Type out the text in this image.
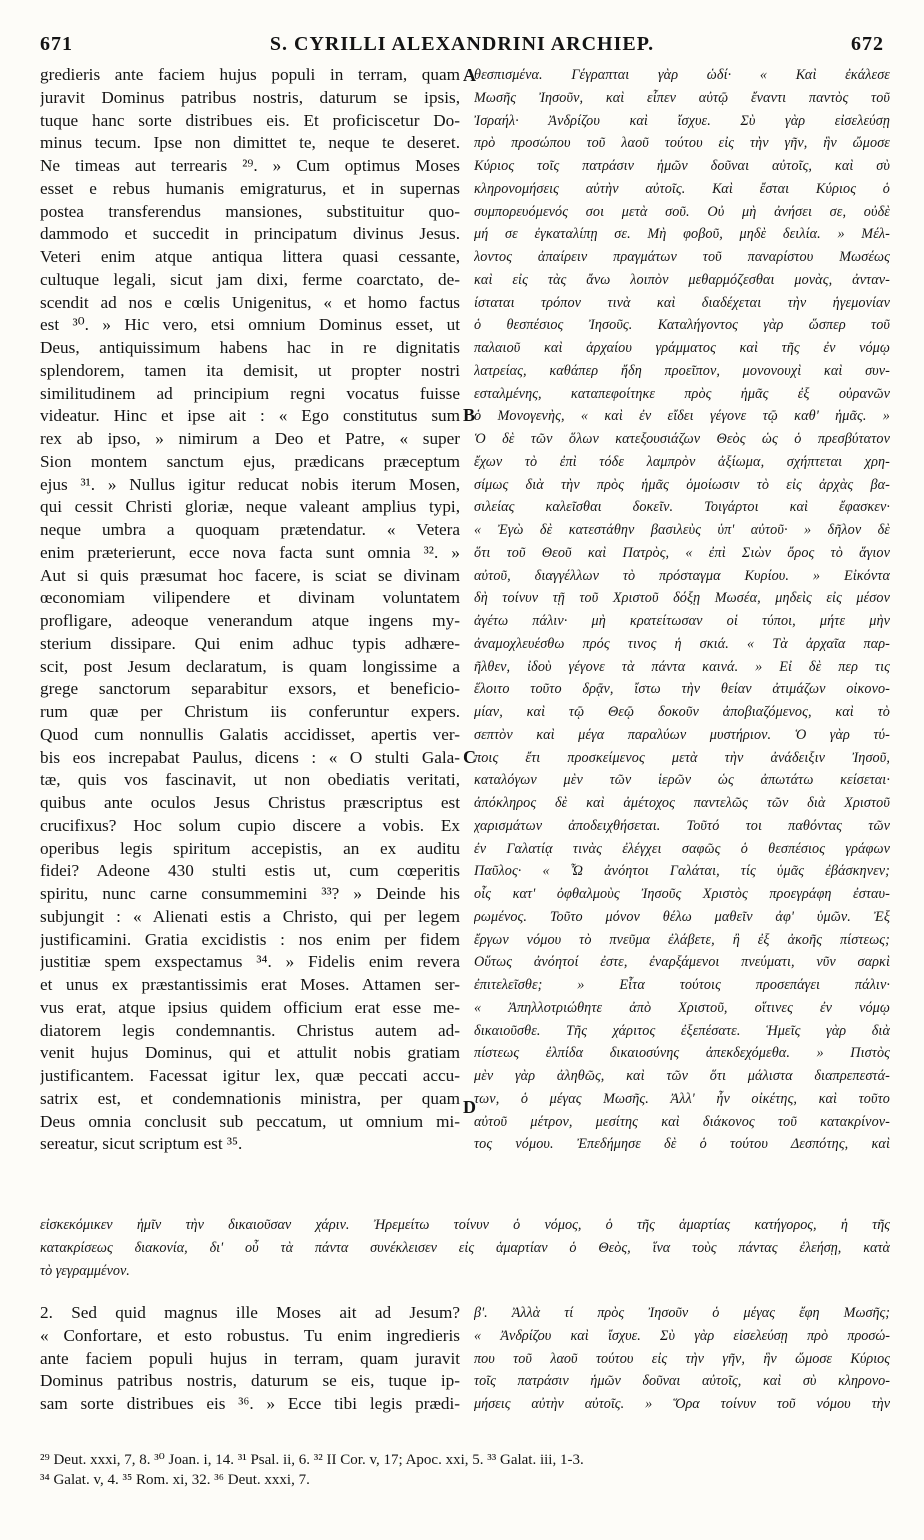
671	S. CYRILLI ALEXANDRINI ARCHIEP.	672
gredieris ante faciem hujus populi in terram, quam
juravit Dominus patribus nostris, daturum se ipsis,
tuque hanc sorte distribues eis. Et proficiscetur Do-
minus tecum. Ipse non dimittet te, neque te deseret.
Ne timeas aut terrearis ²⁹. » Cum optimus Moses
esset e rebus humanis emigraturus, et in supernas
postea transferendus mansiones, substituitur quo-
dammodo et succedit in principatum divinus Jesus.
Veteri enim atque antiqua littera quasi cessante,
cultuque legali, sicut jam dixi, ferme coarctato, de-
scendit ad nos e cœlis Unigenitus, « et homo factus
est ³⁰. » Hic vero, etsi omnium Dominus esset, ut
Deus, antiquissimum habens hac in re dignitatis
splendorem, tamen ita demisit, ut propter nostri
similitudinem ad principium regni vocatus fuisse
videatur. Hinc et ipse ait : « Ego constitutus sum
rex ab ipso, » nimirum a Deo et Patre, « super
Sion montem sanctum ejus, prædicans præceptum
ejus ³¹. » Nullus igitur reducat nobis iterum Mosen,
qui cessit Christi gloriæ, neque valeant amplius typi,
neque umbra a quoquam prætendatur. « Vetera
enim præterierunt, ecce nova facta sunt omnia ³². »
Aut si quis præsumat hoc facere, is sciat se divinam
œconomiam vilipendere et divinam voluntatem
profligare, adeoque venerandum atque ingens my-
sterium dissipare. Qui enim adhuc typis adhære-
scit, post Jesum declaratum, is quam longissime a
grege sanctorum separabitur exsors, et beneficio-
rum quæ per Christum iis conferuntur expers.
Quod cum nonnullis Galatis accidisset, apertis ver-
bis eos increpabat Paulus, dicens : « O stulti Gala-
tæ, quis vos fascinavit, ut non obediatis veritati,
quibus ante oculos Jesus Christus præscriptus est
crucifixus? Hoc solum cupio discere a vobis. Ex
operibus legis spiritum accepistis, an ex auditu
fidei? Adeone 430 stulti estis ut, cum cœperitis
spiritu, nunc carne consummemini ³³? » Deinde his
subjungit : « Alienati estis a Christo, qui per legem
justificamini. Gratia excidistis : nos enim per fidem
justitiæ spem exspectamus ³⁴. » Fidelis enim revera
et unus ex præstantissimis erat Moses. Attamen ser-
vus erat, atque ipsius quidem officium erat esse me-
diatorem legis condemnantis. Christus autem ad-
venit hujus Dominus, qui et attulit nobis gratiam
justificantem. Facessat igitur lex, quæ peccati accu-
satrix est, et condemnationis ministra, per quam
Deus omnia conclusit sub peccatum, ut omnium mi-
sereatur, sicut scriptum est ³⁵.
θεσπισμένα. Γέγραπται γὰρ ὡδί· « Καὶ ἐκάλεσε
Μωσῆς Ἰησοῦν, καὶ εἶπεν αὐτῷ ἔναντι παντὸς τοῦ
Ἰσραήλ· Ἀνδρίζου καὶ ἴσχυε. Σὺ γὰρ εἰσελεύσῃ
πρὸ προσώπου τοῦ λαοῦ τούτου εἰς τὴν γῆν, ἣν ὤμοσε
Κύριος τοῖς πατράσιν ἡμῶν δοῦναι αὐτοῖς, καὶ σὺ
κληρονομήσεις αὐτὴν αὐτοῖς. Καὶ ἔσται Κύριος ὁ
συμπορευόμενός σοι μετὰ σοῦ. Οὐ μὴ ἀνήσει σε, οὐδὲ
μή σε ἐγκαταλίπῃ σε. Μὴ φοβοῦ, μηδὲ δειλία. » Μέλ-
λοντος ἀπαίρειν πραγμάτων τοῦ παναρίστου Μωσέως
καὶ εἰς τὰς ἄνω λοιπὸν μεθαρμόζεσθαι μονὰς, ἀνταν-
ίσταται τρόπον τινὰ καὶ διαδέχεται τὴν ἡγεμονίαν
ὁ θεσπέσιος Ἰησοῦς. Καταλήγοντος γὰρ ὥσπερ τοῦ
παλαιοῦ καὶ ἀρχαίου γράμματος καὶ τῆς ἐν νόμῳ
λατρείας, καθάπερ ἤδη προεῖπον, μονονουχὶ καὶ συν-
εσταλμένης, καταπεφοίτηκε πρὸς ἡμᾶς ἐξ οὐρανῶν
ὁ Μονογενὴς, « καὶ ἐν εἴδει γέγονε τῷ καθ' ἡμᾶς. »
Ὁ δὲ τῶν ὅλων κατεξουσιάζων Θεὸς ὡς ὁ πρεσβύτατον
ἔχων τὸ ἐπὶ τόδε λαμπρὸν ἀξίωμα, σχήπτεται χρη-
σίμως διὰ τὴν πρὸς ἡμᾶς ὁμοίωσιν τὸ εἰς ἀρχὰς βα-
σιλείας καλεῖσθαι δοκεῖν. Τοιγάρτοι καὶ ἔφασκεν·
« Ἐγὼ δὲ κατεστάθην βασιλεὺς ὑπ' αὐτοῦ· » δῆλον δὲ
ὅτι τοῦ Θεοῦ καὶ Πατρὸς, « ἐπὶ Σιὼν ὄρος τὸ ἅγιον
αὐτοῦ, διαγγέλλων τὸ πρόσταγμα Κυρίου. » Εἰκόντα
δὴ τοίνυν τῇ τοῦ Χριστοῦ δόξῃ Μωσέα, μηδεὶς εἰς μέσον
ἀγέτω πάλιν· μὴ κρατείτωσαν οἱ τύποι, μήτε μὴν
ἀναμοχλευέσθω πρός τινος ἡ σκιά. « Τὰ ἀρχαῖα παρ-
ῆλθεν, ἰδοὺ γέγονε τὰ πάντα καινά. » Εἰ δὲ περ τις
ἕλοιτο τοῦτο δρᾷν, ἴστω τὴν θείαν ἀτιμάζων οἰκονο-
μίαν, καὶ τῷ Θεῷ δοκοῦν ἀποβιαζόμενος, καὶ τὸ
σεπτὸν καὶ μέγα παραλύων μυστήριον. Ὁ γὰρ τύ-
ποις ἔτι προσκείμενος μετὰ τὴν ἀνάδειξιν Ἰησοῦ,
καταλόγων μὲν τῶν ἱερῶν ὡς ἀπωτάτω κείσεται·
ἀπόκληρος δὲ καὶ ἀμέτοχος παντελῶς τῶν διὰ Χριστοῦ
χαρισμάτων ἀποδειχθήσεται. Τοῦτό τοι παθόντας τῶν
ἐν Γαλατίᾳ τινὰς ἐλέγχει σαφῶς ὁ θεσπέσιος γράφων
Παῦλος· « Ὦ ἀνόητοι Γαλάται, τίς ὑμᾶς ἐβάσκηνεν;
οἷς κατ' ὀφθαλμοὺς Ἰησοῦς Χριστὸς προεγράφη ἐσταυ-
ρωμένος. Τοῦτο μόνον θέλω μαθεῖν ἀφ' ὑμῶν. Ἐξ
ἔργων νόμου τὸ πνεῦμα ἐλάβετε, ἢ ἐξ ἀκοῆς πίστεως;
Οὕτως ἀνόητοί ἐστε, ἐναρξάμενοι πνεύματι, νῦν σαρκὶ
ἐπιτελεῖσθε; » Εἶτα τούτοις προσεπάγει πάλιν·
« Ἀπηλλοτριώθητε ἀπὸ Χριστοῦ, οἵτινες ἐν νόμῳ
δικαιοῦσθε. Τῆς χάριτος ἐξεπέσατε. Ἡμεῖς γὰρ διὰ
πίστεως ἐλπίδα δικαιοσύνης ἀπεκδεχόμεθα. » Πιστὸς
μὲν γὰρ ἀληθῶς, καὶ τῶν ὅτι μάλιστα διαπρεπεστά-
των, ὁ μέγας Μωσῆς. Ἀλλ' ἦν οἰκέτης, καὶ τοῦτο
αὐτοῦ μέτρον, μεσίτης καὶ διάκονος τοῦ κατακρίνον-
τος νόμου. Ἐπεδήμησε δὲ ὁ τούτου Δεσπότης, καὶ
εἰσκεκόμικεν ἡμῖν τὴν δικαιοῦσαν χάριν. Ἠρεμείτω τοίνυν ὁ νόμος, ὁ τῆς ἁμαρτίας κατήγορος, ἡ τῆς
κατακρίσεως διακονία, δι' οὗ τὰ πάντα συνέκλεισεν εἰς ἁμαρτίαν ὁ Θεὸς, ἵνα τοὺς πάντας ἐλεήσῃ, κατὰ
τὸ γεγραμμένον.
2. Sed quid magnus ille Moses ait ad Jesum?
« Confortare, et esto robustus. Tu enim ingredieris
ante faciem populi hujus in terram, quam juravit
Dominus patribus nostris, daturum se eis, tuque ip-
sam sorte distribues eis ³⁶. » Ecce tibi legis prædi-
β'. Ἀλλὰ τί πρὸς Ἰησοῦν ὁ μέγας ἔφη Μωσῆς;
« Ἀνδρίζου καὶ ἴσχυε. Σὺ γὰρ εἰσελεύσῃ πρὸ προσώ-
που τοῦ λαοῦ τούτου εἰς τὴν γῆν, ἣν ὤμοσε Κύριος
τοῖς πατράσιν ἡμῶν δοῦναι αὐτοῖς, καὶ σὺ κληρονο-
μήσεις αὐτὴν αὐτοῖς. » Ὅρα τοίνυν τοῦ νόμου τὴν
A
B
C
D
²⁹ Deut. xxxi, 7, 8. ³⁰ Joan. i, 14. ³¹ Psal. ii, 6. ³² II Cor. v, 17; Apoc. xxi, 5. ³³ Galat. iii, 1-3.
³⁴ Galat. v, 4. ³⁵ Rom. xi, 32. ³⁶ Deut. xxxi, 7.
